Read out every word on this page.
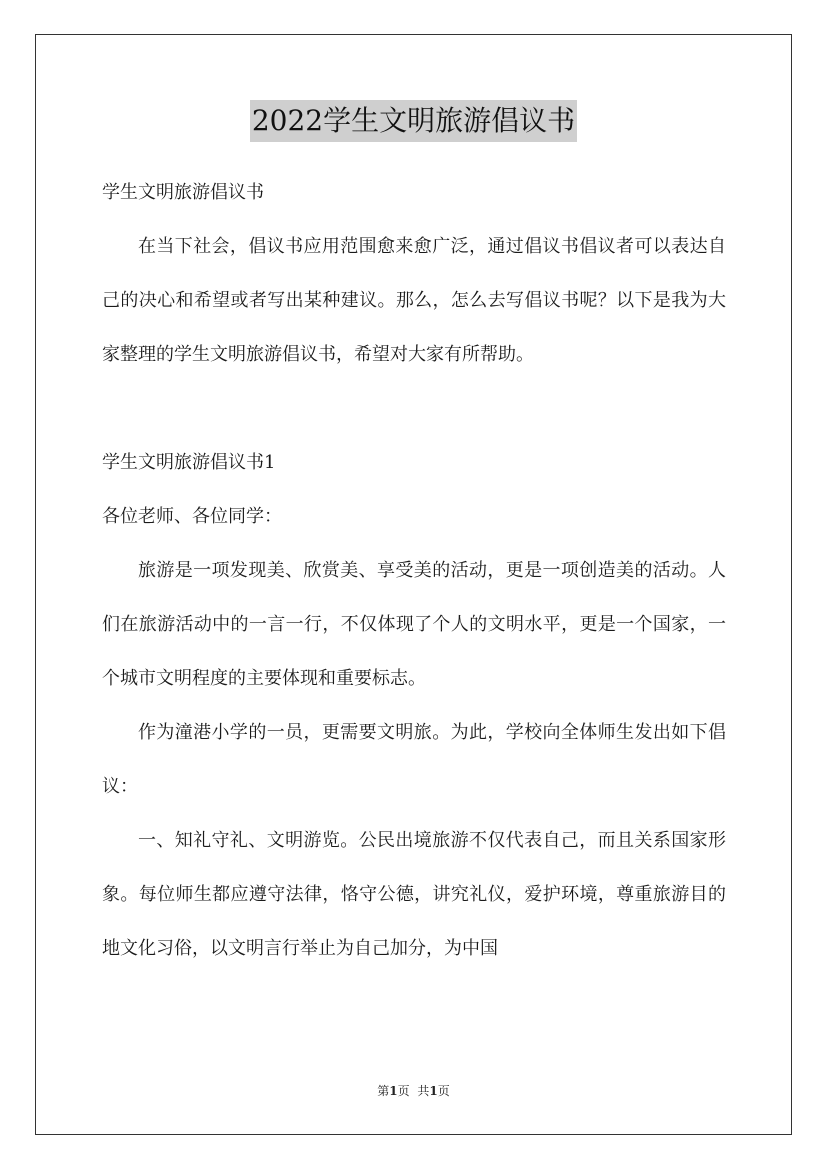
2022学生文明旅游倡议书

学生文明旅游倡议书

在当下社会，倡议书应用范围愈来愈广泛，通过倡议书倡议者可以表达自己的决心和希望或者写出某种建议。那么，怎么去写倡议书呢？以下是我为大家整理的学生文明旅游倡议书，希望对大家有所帮助。

学生文明旅游倡议书1

各位老师、各位同学：

旅游是一项发现美、欣赏美、享受美的活动，更是一项创造美的活动。人们在旅游活动中的一言一行，不仅体现了个人的文明水平，更是一个国家，一个城市文明程度的主要体现和重要标志。

作为潼港小学的一员，更需要文明旅。为此，学校向全体师生发出如下倡议：

一、知礼守礼、文明游览。公民出境旅游不仅代表自己，而且关系国家形象。每位师生都应遵守法律，恪守公德，讲究礼仪，爱护环境，尊重旅游目的地文化习俗，以文明言行举止为自己加分，为中国

第1页 共1页
